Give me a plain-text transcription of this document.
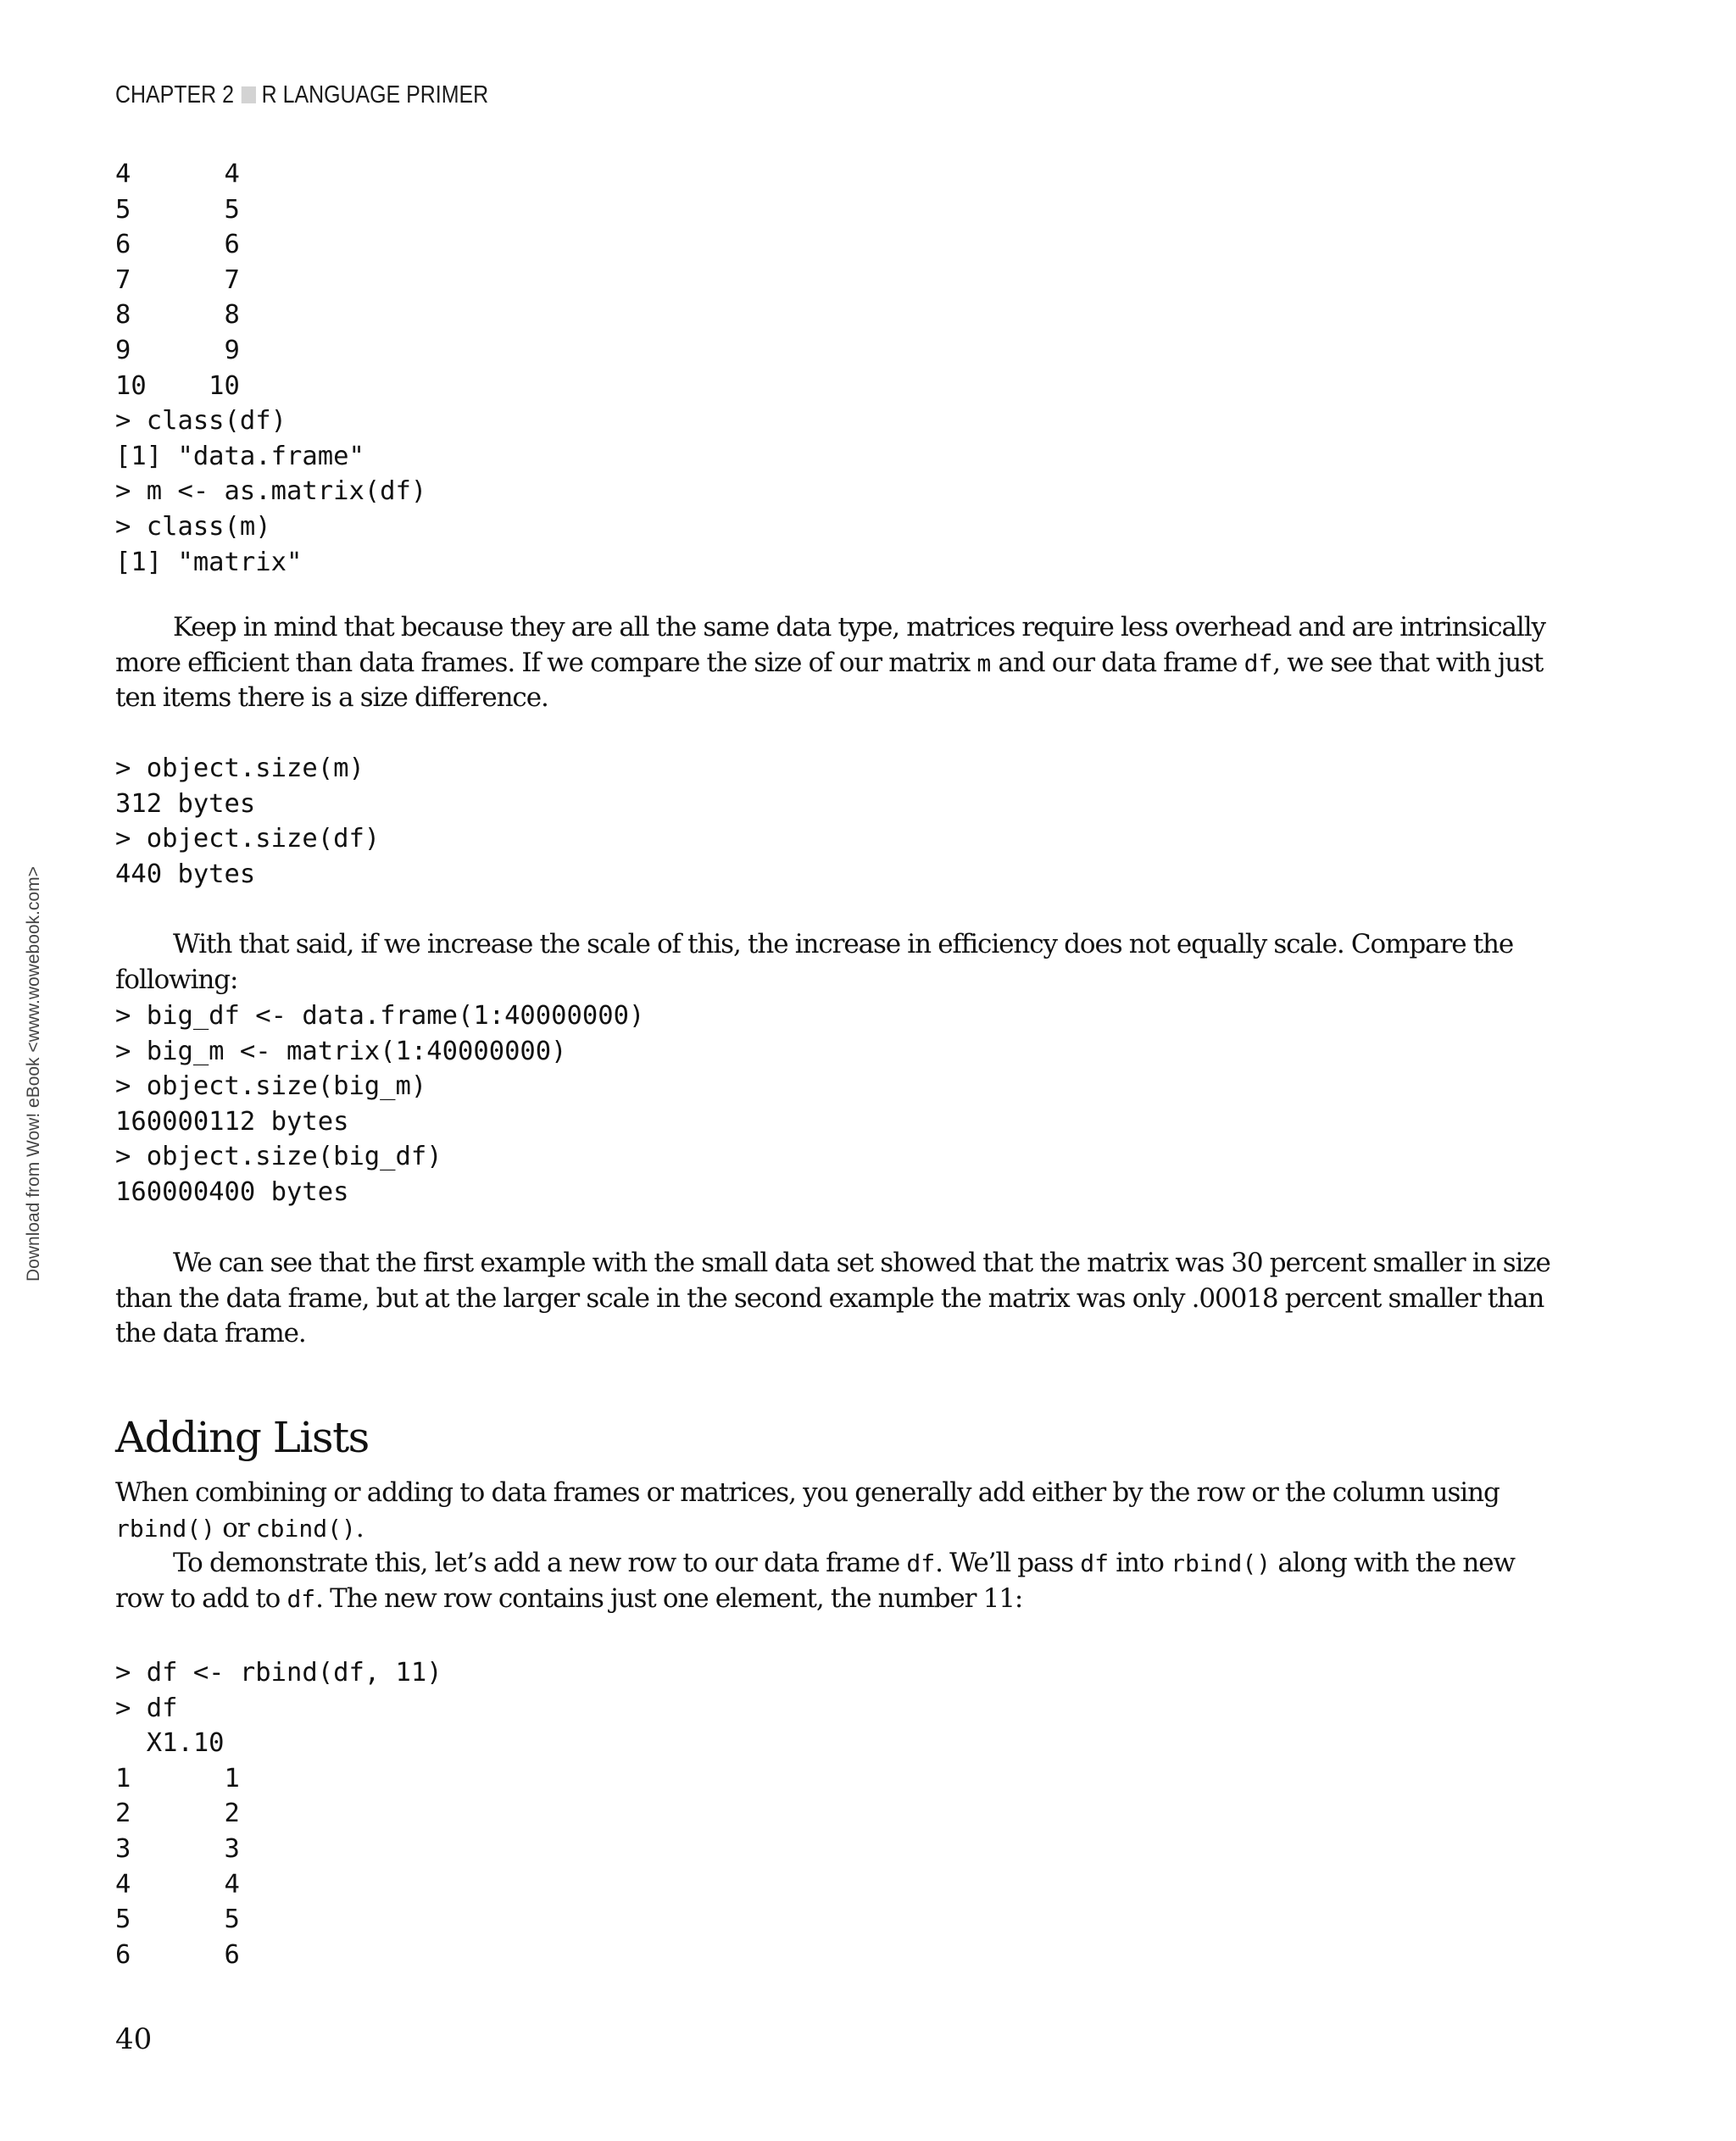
CHAPTER 2 R LANGUAGE PRIMER
Download from Wow! eBook <www.wowebook.com>
4      4
5      5
6      6
7      7
8      8
9      9
10    10
> class(df)
[1] "data.frame"
> m <- as.matrix(df)
> class(m)
[1] "matrix"

Keep in mind that because they are all the same data type, matrices require less overhead and are intrinsically more efficient than data frames. If we compare the size of our matrix m and our data frame df, we see that with just ten items there is a size difference.

> object.size(m)
312 bytes
> object.size(df)
440 bytes

With that said, if we increase the scale of this, the increase in efficiency does not equally scale. Compare the following:

> big_df <- data.frame(1:40000000)
> big_m <- matrix(1:40000000)
> object.size(big_m)
160000112 bytes
> object.size(big_df)
160000400 bytes

We can see that the first example with the small data set showed that the matrix was 30 percent smaller in size than the data frame, but at the larger scale in the second example the matrix was only .00018 percent smaller than the data frame.

Adding Lists

When combining or adding to data frames or matrices, you generally add either by the row or the column using rbind() or cbind().

To demonstrate this, let’s add a new row to our data frame df. We’ll pass df into rbind() along with the new row to add to df. The new row contains just one element, the number 11:

> df <- rbind(df, 11)
> df
X1.10
1      1
2      2
3      3
4      4
5      5
6      6
40
